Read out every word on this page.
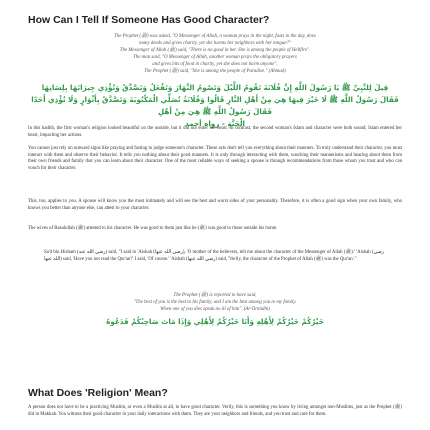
How Can I Tell If Someone Has Good Character?
The Prophet (ﷺ) was asked, "O Messenger of Allah, a woman prays in the night, fasts in the day, does
many deeds and gives charity, yet she harms her neighbors with her tongue?"
The Messenger of Allah (ﷺ) said, "There is no good in her. She is among the people of Hellfire".
The man said, "O Messenger of Allah, another woman prays the obligatory prayers
and gives bits of food in charity, yet she does not harm anyone".
The Prophet (ﷺ) said, "She is among the people of Paradise." (Ahmad)
قِيلَ لِلنَّبِيِّ ﷺ يَا رَسُولَ اللَّهِ إِنَّ فُلَانَةَ تَقُومُ اللَّيْلَ وَتَصُومُ النَّهَارَ وَتَفْعَلُ وَتَصَّدَّقُ وَتُؤْذِي جِيرَانَهَا بِلِسَانِهَا
فَقَالَ رَسُولُ اللَّهِ ﷺ لَا خَيْرَ فِيهَا هِيَ مِنْ أَهْلِ النَّارِ قَالُوا وَفُلَانَةُ تُصَلِّي الْمَكْتُوبَةَ وَتَصَّدَّقُ بِأَثْوَارٍ وَلَا تُؤْذِي أَحَدًا فَقَالَ رَسُولُ اللَّهِ ﷺ هِيَ مِنْ أَهْلِ
الْجَنَّةِ - رواه أحمد
In this hadith, the first woman's religion looked beautiful on the outside, but it did not enter her heart. In contrast, the second woman's Islam and character were both sound; Islam entered her heart, impacting her actions.
You cannot just rely on outward signs like praying and fasting to judge someone's character. These acts don't tell you everything about their manners. To truly understand their character, you must interact with them and observe their behavior. It tells you nothing about their good manners. It is only through interacting with them, watching their mannerisms and hearing about them from their own friends and family that you can learn about their character. One of the most reliable ways of seeking a spouse is through recommendations from those whom you trust and who can vouch for their character.
This, too, applies to you. A spouse will know you the most intimately and will see the best and worst sides of your personality. Therefore, it is often a good sign when your own family, who knows you better than anyone else, can attest to your character.
The wives of Rasulullah (ﷺ) attested to his character. He was good to them just like he (ﷺ) was good to those outside his home.
Sa'd bin Hisham (رضي الله عنه) said, "I said to 'Aishah (رضي الله عنها), 'O mother of the believers, tell me about the character of the Messenger of Allah (ﷺ).' 'Aishah (رضي الله عنها) said, 'Have you not read the Qur'an?' I said, 'Of course.' 'Aishah (رضي الله عنها) said, 'Verily, the character of the Prophet of Allah (ﷺ) was the Qur'an'."
The Prophet (ﷺ) is reported to have said,
"The best of you is the best to his family, and I am the best among you to my family.
When one of you dies speak no ill of him". (At-Tirmidhi)
خَيْرُكُمْ خَيْرُكُمْ لِأَهْلِهِ وَأَنَا خَيْرُكُمْ لِأَهْلِي وَإِذَا مَاتَ صَاحِبُكُمْ فَدَعُوهُ
What Does 'Religion' Mean?
A person does not have to be a practicing Muslim, or even a Muslim at all, to have good character. Verily, this is something you know by living amongst non-Muslims, just as the Prophet (ﷺ) did in Makkah. You witness their good character in your daily interactions with them. They are your neighbors and friends, and you trust and care for them.
